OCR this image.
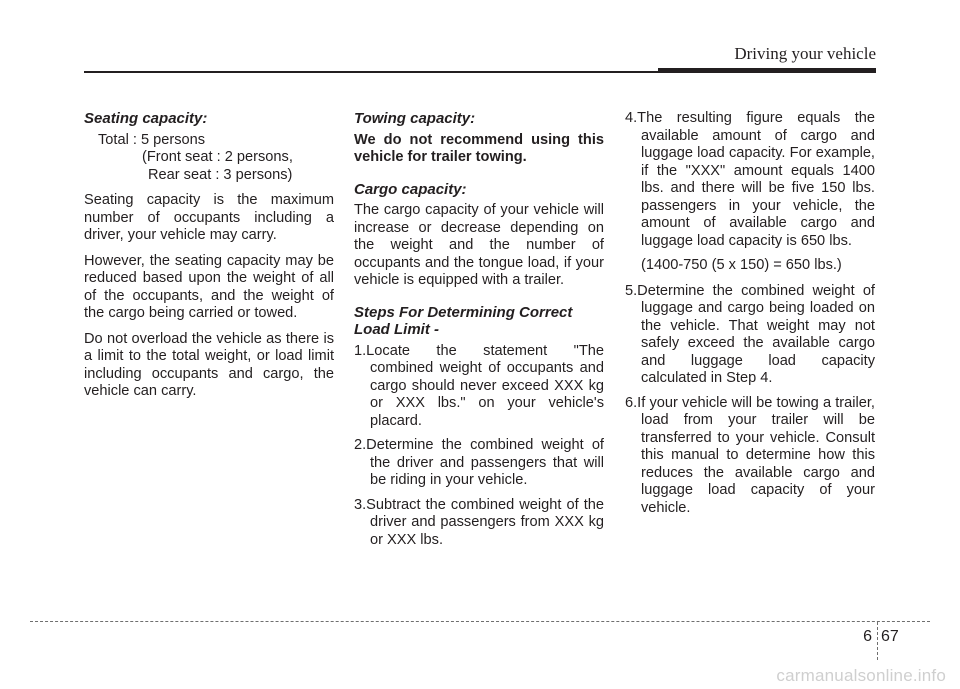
Driving your vehicle
Seating capacity:
Total : 5 persons
(Front seat : 2 persons,
Rear seat : 3 persons)

Seating capacity is the maximum number of occupants including a driver, your vehicle may carry.

However, the seating capacity may be reduced based upon the weight of all of the occupants, and the weight of the cargo being carried or towed.

Do not overload the vehicle as there is a limit to the total weight, or load limit including occupants and cargo, the vehicle can carry.

Towing capacity:

We do not recommend using this vehicle for trailer towing.

Cargo capacity:

The cargo capacity of your vehicle will increase or decrease depending on the weight and the number of occupants and the tongue load, if your vehicle is equipped with a trailer.

Steps For Determining Correct
Load Limit -
1.Locate the statement "The combined weight of occupants and cargo should never exceed XXX kg or XXX lbs." on your vehicle's placard.
2.Determine the combined weight of the driver and passengers that will be riding in your vehicle.
3.Subtract the combined weight of the driver and passengers from XXX kg or XXX lbs.
4.The resulting figure equals the available amount of cargo and luggage load capacity. For example, if the "XXX" amount equals 1400 lbs. and there will be five 150 lbs. passengers in your vehicle, the amount of available cargo and luggage load capacity is 650 lbs.
(1400-750 (5 x 150) = 650 lbs.)
5.Determine the combined weight of luggage and cargo being loaded on the vehicle. That weight may not safely exceed the available cargo and luggage load capacity calculated in Step 4.
6.If your vehicle will be towing a trailer, load from your trailer will be transferred to your vehicle. Consult this manual to determine how this reduces the available cargo and luggage load capacity of your vehicle.
6 67
carmanualsonline.info
